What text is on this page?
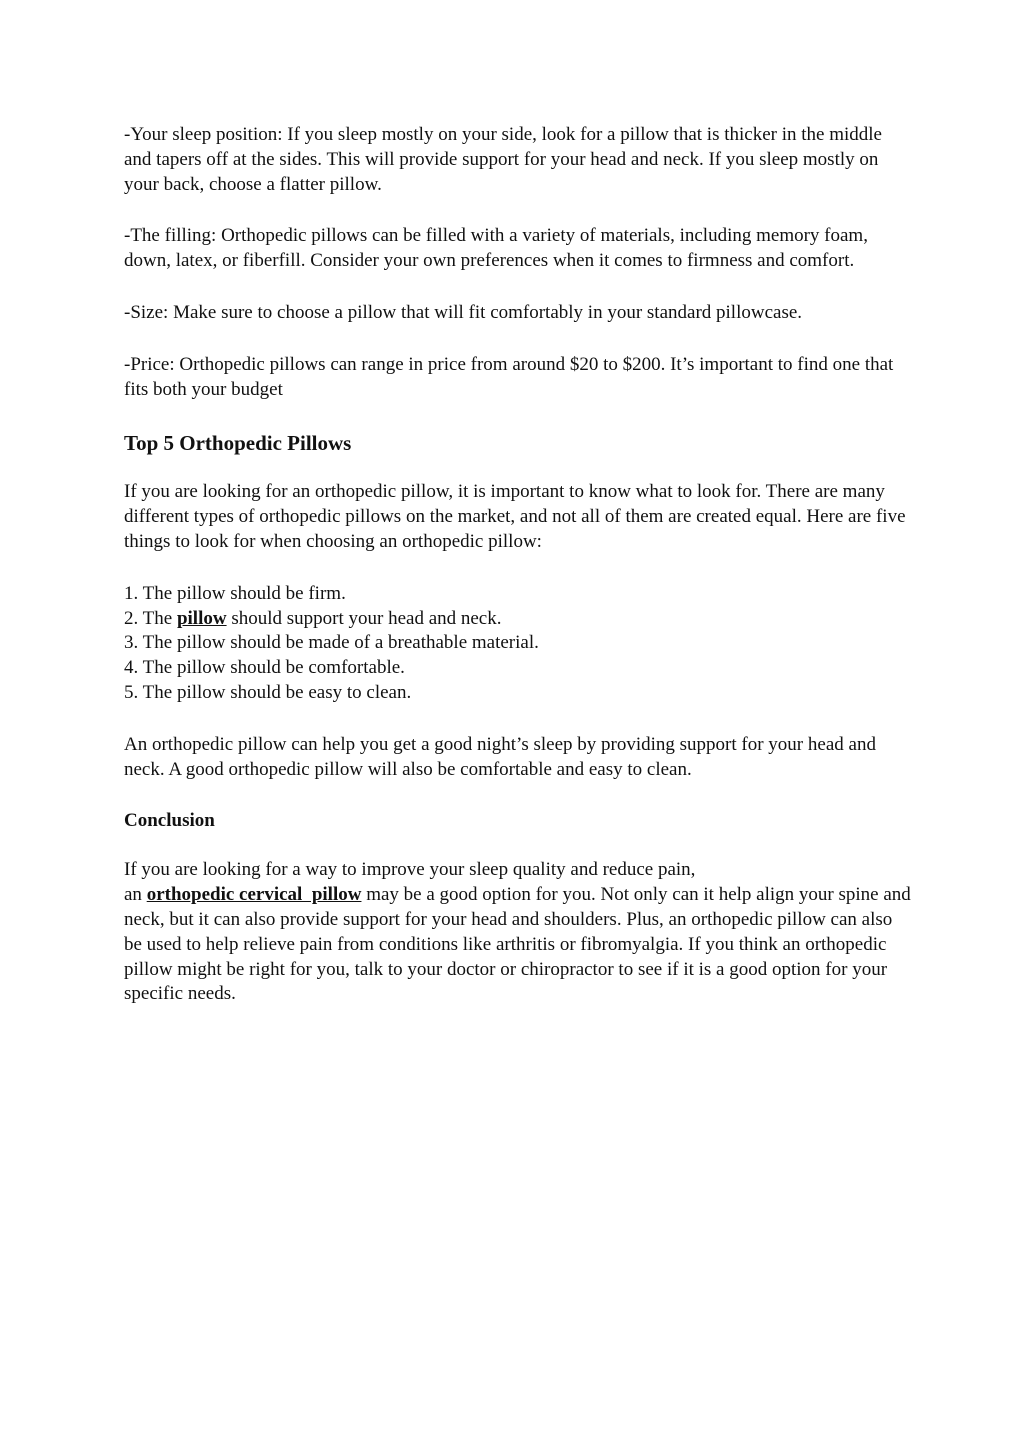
-Your sleep position: If you sleep mostly on your side, look for a pillow that is thicker in the middle and tapers off at the sides. This will provide support for your head and neck. If you sleep mostly on your back, choose a flatter pillow.

-The filling: Orthopedic pillows can be filled with a variety of materials, including memory foam, down, latex, or fiberfill. Consider your own preferences when it comes to firmness and comfort.

-Size: Make sure to choose a pillow that will fit comfortably in your standard pillowcase.

-Price: Orthopedic pillows can range in price from around $20 to $200. It’s important to find one that fits both your budget

Top 5 Orthopedic Pillows

If you are looking for an orthopedic pillow, it is important to know what to look for. There are many different types of orthopedic pillows on the market, and not all of them are created equal. Here are five things to look for when choosing an orthopedic pillow:

1. The pillow should be firm.
2. The pillow should support your head and neck.
3. The pillow should be made of a breathable material.
4. The pillow should be comfortable.
5. The pillow should be easy to clean.

An orthopedic pillow can help you get a good night’s sleep by providing support for your head and neck. A good orthopedic pillow will also be comfortable and easy to clean.

Conclusion

If you are looking for a way to improve your sleep quality and reduce pain,
an orthopedic cervical  pillow may be a good option for you. Not only can it help align your spine and neck, but it can also provide support for your head and shoulders. Plus, an orthopedic pillow can also be used to help relieve pain from conditions like arthritis or fibromyalgia. If you think an orthopedic pillow might be right for you, talk to your doctor or chiropractor to see if it is a good option for your specific needs.
